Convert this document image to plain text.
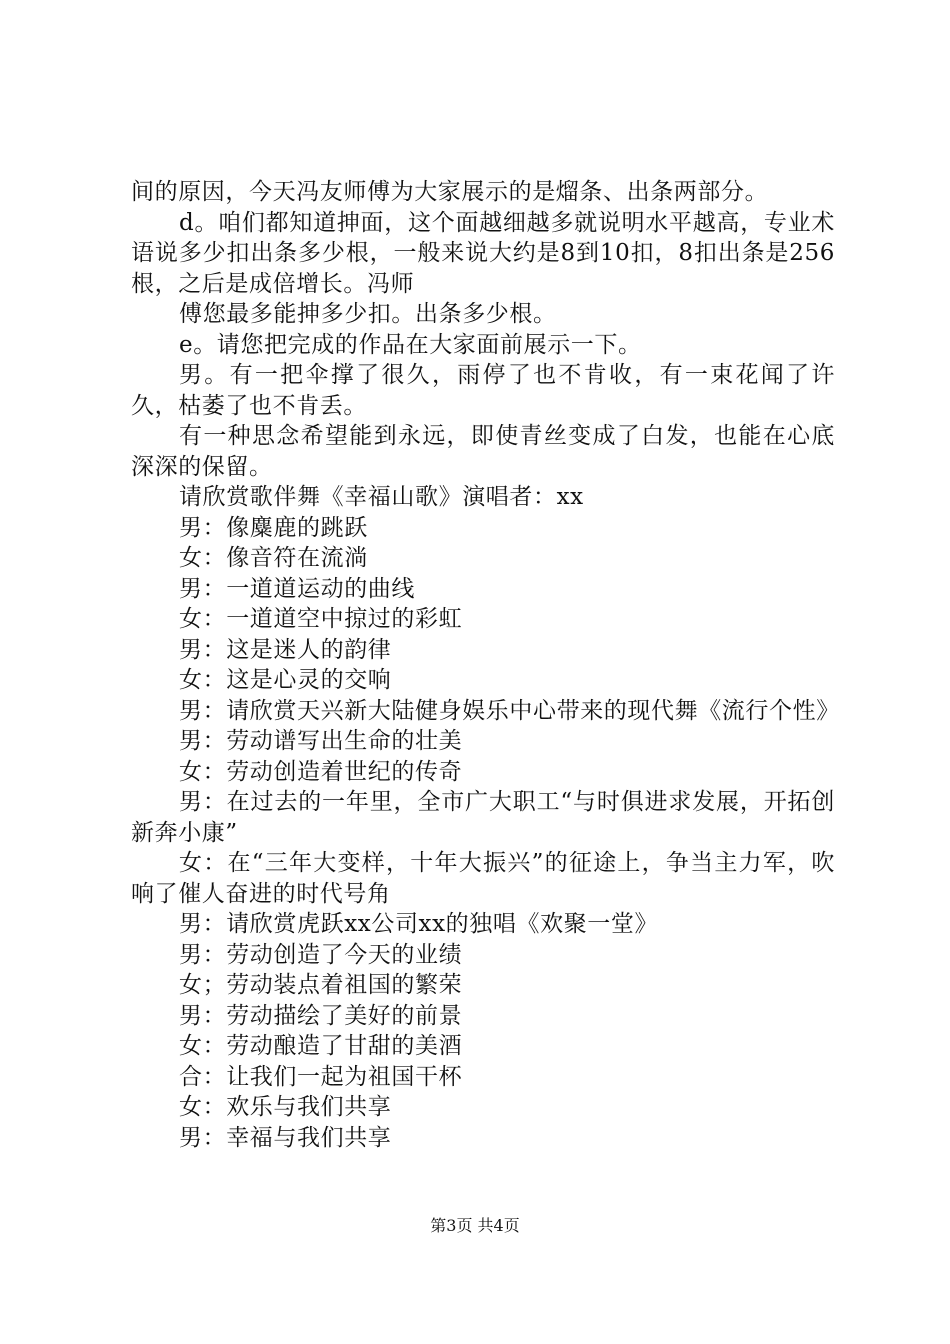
间的原因，今天冯友师傅为大家展示的是熘条、出条两部分。

d。咱们都知道抻面，这个面越细越多就说明水平越高，专业术语说多少扣出条多少根，一般来说大约是8到10扣，8扣出条是256根，之后是成倍增长。冯师

傅您最多能抻多少扣。出条多少根。

e。请您把完成的作品在大家面前展示一下。

男。有一把伞撑了很久，雨停了也不肯收，有一束花闻了许久，枯萎了也不肯丢。

有一种思念希望能到永远，即使青丝变成了白发，也能在心底深深的保留。

请欣赏歌伴舞《幸福山歌》演唱者：xx

男：像麋鹿的跳跃

女：像音符在流淌

男：一道道运动的曲线

女：一道道空中掠过的彩虹

男：这是迷人的韵律

女：这是心灵的交响

男：请欣赏天兴新大陆健身娱乐中心带来的现代舞《流行个性》

男：劳动谱写出生命的壮美

女：劳动创造着世纪的传奇

男：在过去的一年里，全市广大职工“与时俱进求发展，开拓创新奔小康”

女：在“三年大变样，十年大振兴”的征途上，争当主力军，吹响了催人奋进的时代号角

男：请欣赏虎跃xx公司xx的独唱《欢聚一堂》

男：劳动创造了今天的业绩

女；劳动装点着祖国的繁荣

男：劳动描绘了美好的前景

女：劳动酿造了甘甜的美酒

合：让我们一起为祖国干杯

女：欢乐与我们共享

男：幸福与我们共享

第3页 共4页
